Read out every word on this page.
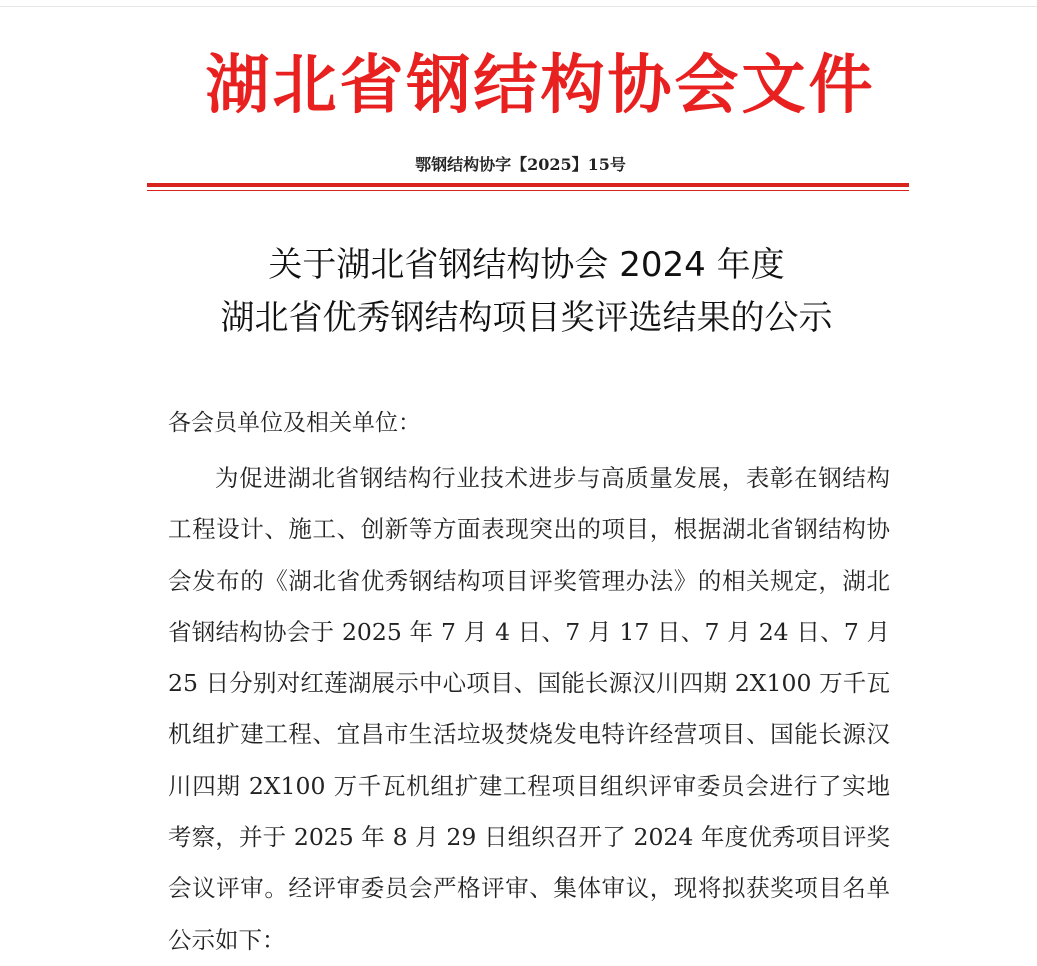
湖北省钢结构协会文件
鄂钢结构协字【2025】15号
关于湖北省钢结构协会 2024 年度
湖北省优秀钢结构项目奖评选结果的公示
各会员单位及相关单位：
为促进湖北省钢结构行业技术进步与高质量发展，表彰在钢结构工程设计、施工、创新等方面表现突出的项目，根据湖北省钢结构协会发布的《湖北省优秀钢结构项目评奖管理办法》的相关规定，湖北省钢结构协会于 2025 年 7 月 4 日、7 月 17 日、7 月 24 日、7 月 25 日分别对红莲湖展示中心项目、国能长源汉川四期 2X100 万千瓦机组扩建工程、宜昌市生活垃圾焚烧发电特许经营项目、国能长源汉川四期 2X100 万千瓦机组扩建工程项目组织评审委员会进行了实地考察，并于 2025 年 8 月 29 日组织召开了 2024 年度优秀项目评奖会议评审。经评审委员会严格评审、集体审议，现将拟获奖项目名单公示如下：
